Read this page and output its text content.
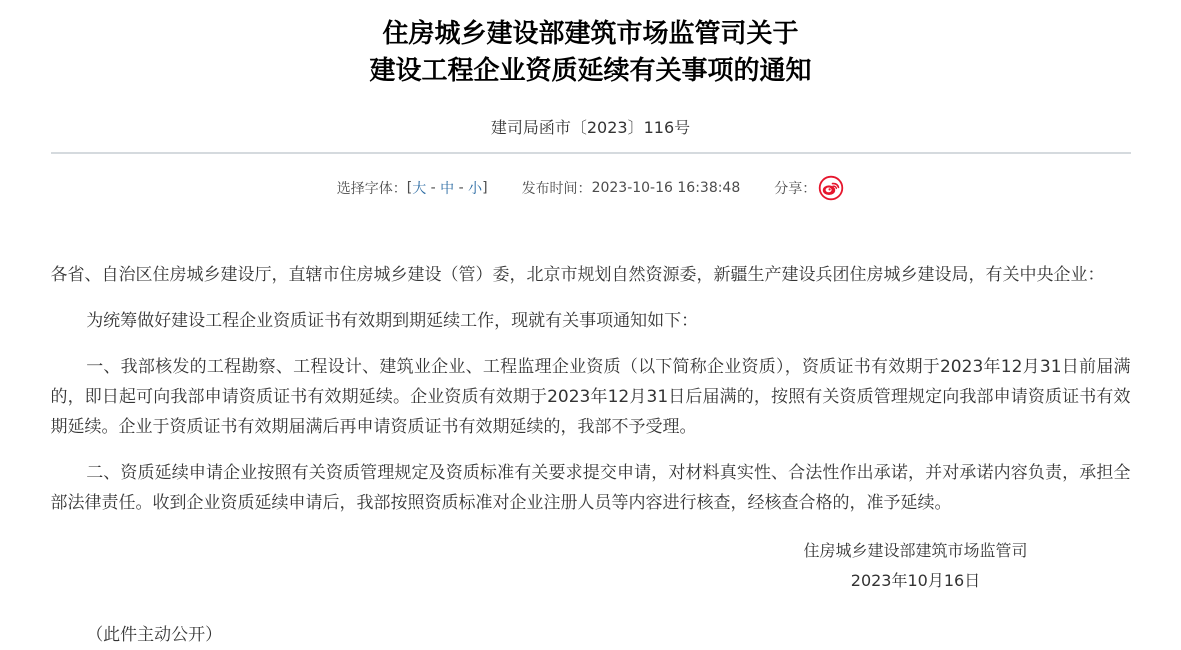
住房城乡建设部建筑市场监管司关于
建设工程企业资质延续有关事项的通知
建司局函市〔2023〕116号
选择字体： [ 大 - 中 - 小 ] 发布时间： 2023-10-16 16:38:48 分享：

各省、自治区住房城乡建设厅，直辖市住房城乡建设（管）委，北京市规划自然资源委，新疆生产建设兵团住房城乡建设局，有关中央企业：

为统筹做好建设工程企业资质证书有效期到期延续工作，现就有关事项通知如下：

一、我部核发的工程勘察、工程设计、建筑业企业、工程监理企业资质（以下简称企业资质），资质证书有效期于2023年12月31日前届满的，即日起可向我部申请资质证书有效期延续。企业资质有效期于2023年12月31日后届满的，按照有关资质管理规定向我部申请资质证书有效期延续。企业于资质证书有效期届满后再申请资质证书有效期延续的，我部不予受理。

二、资质延续申请企业按照有关资质管理规定及资质标准有关要求提交申请，对材料真实性、合法性作出承诺，并对承诺内容负责，承担全部法律责任。收到企业资质延续申请后，我部按照资质标准对企业注册人员等内容进行核查，经核查合格的，准予延续。

住房城乡建设部建筑市场监管司
2023年10月16日
（此件主动公开）
